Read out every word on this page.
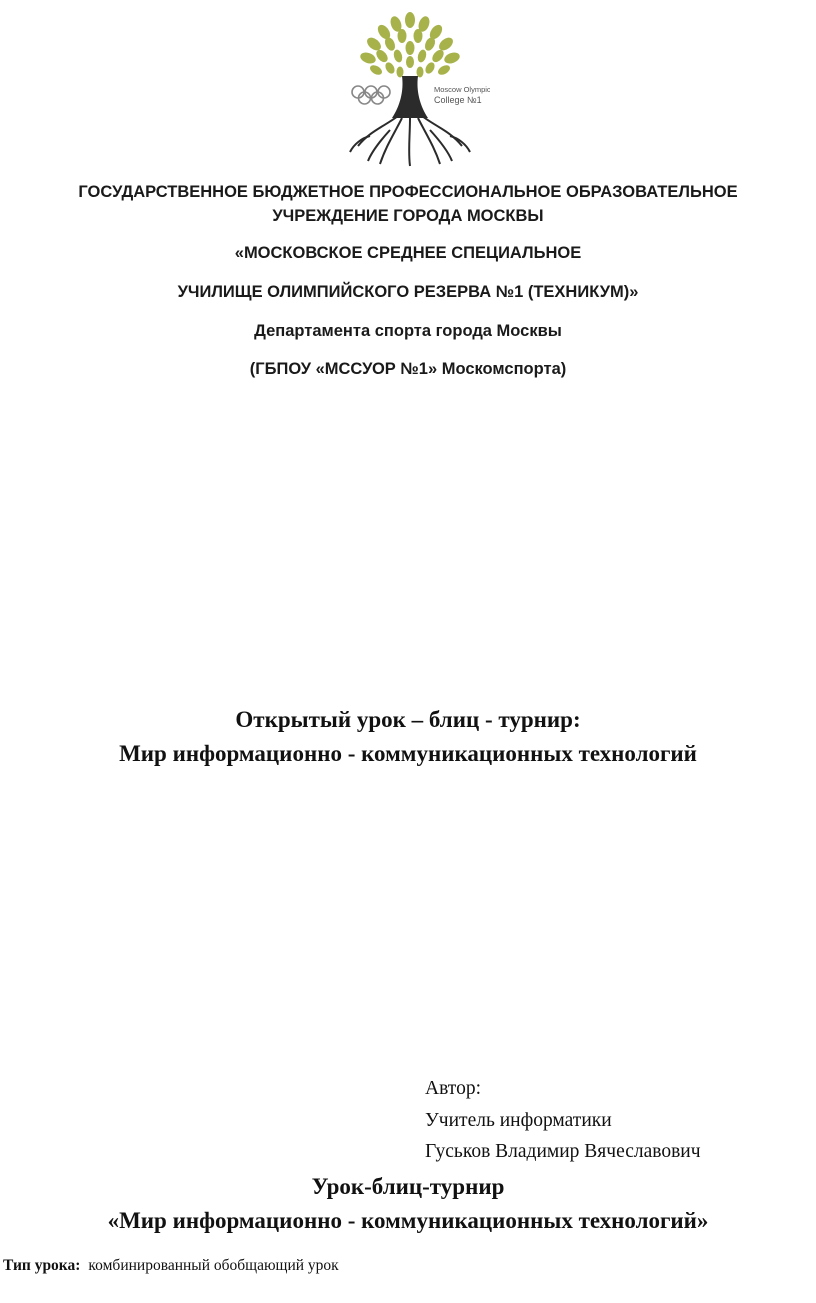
Moscow Olympic
College №1
ГОСУДАРСТВЕННОЕ БЮДЖЕТНОЕ ПРОФЕССИОНАЛЬНОЕ ОБРАЗОВАТЕЛЬНОЕ
УЧРЕЖДЕНИЕ ГОРОДА МОСКВЫ
«МОСКОВСКОЕ СРЕДНЕЕ СПЕЦИАЛЬНОЕ
УЧИЛИЩЕ ОЛИМПИЙСКОГО РЕЗЕРВА №1 (ТЕХНИКУМ)»
Департамента спорта города Москвы
(ГБПОУ «МССУОР №1» Москомспорта)
Открытый урок – блиц - турнир:
Мир информационно - коммуникационных технологий
Автор:
Учитель информатики
Гуськов Владимир Вячеславович
Урок-блиц-турнир
«Мир информационно - коммуникационных технологий»
Тип урока: комбинированный обобщающий урок
